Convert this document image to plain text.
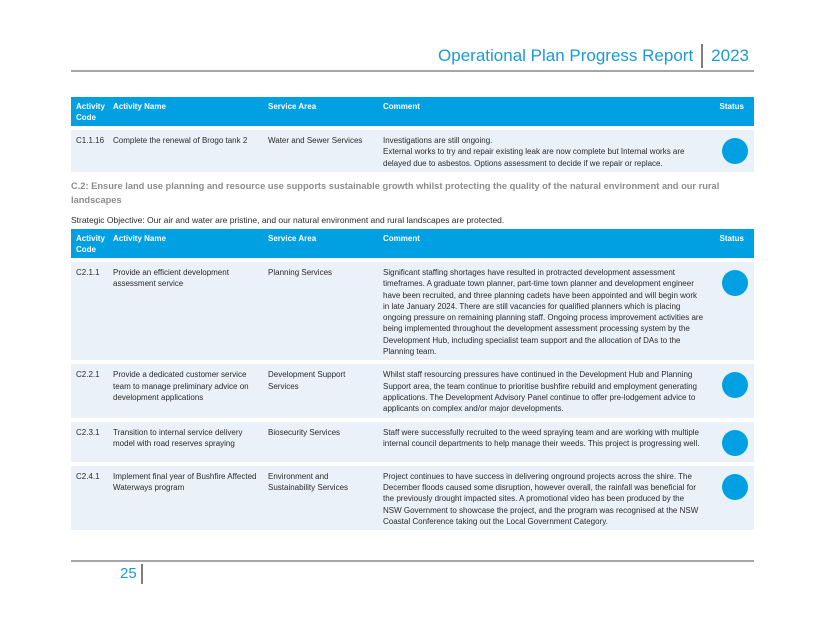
Operational Plan Progress Report	2023
Activity Code	Activity Name	Service Area	Comment	Status

C1.1.16	Complete the renewal of Brogo tank 2	Water and Sewer Services	Investigations are still ongoing.
External works to try and repair existing leak are now complete but Internal works are delayed due to asbestos. Options assessment to decide if we repair or replace.	
C.2: Ensure land use planning and resource use supports sustainable growth whilst protecting the quality of the natural environment and our rural landscapes
Strategic Objective: Our air and water are pristine, and our natural environment and rural landscapes are protected.
Activity Code	Activity Name	Service Area	Comment	Status

C2.1.1	Provide an efficient development assessment service	Planning Services	Significant staffing shortages have resulted in protracted development assessment timeframes. A graduate town planner, part-time town planner and development engineer have been recruited, and three planning cadets have been appointed and will begin work in late January 2024. There are still vacancies for qualified planners which is placing ongoing pressure on remaining planning staff. Ongoing process improvement activities are being implemented throughout the development assessment processing system by the Development Hub, including specialist team support and the allocation of DAs to the Planning team.	

C2.2.1	Provide a dedicated customer service team to manage preliminary advice on development applications	Development Support Services	Whilst staff resourcing pressures have continued in the Development Hub and Planning Support area, the team continue to prioritise bushfire rebuild and employment generating applications. The Development Advisory Panel continue to offer pre-lodgement advice to applicants on complex and/or major developments.	

C2.3.1	Transition to internal service delivery model with road reserves spraying	Biosecurity Services	Staff were successfully recruited to the weed spraying team and are working with multiple internal council departments to help manage their weeds. This project is progressing well.	

C2.4.1	Implement final year of Bushfire Affected Waterways program	Environment and Sustainability Services	Project continues to have success in delivering onground projects across the shire. The December floods caused some disruption, however overall, the rainfall was beneficial for the previously drought impacted sites. A promotional video has been produced by the NSW Government to showcase the project, and the program was recognised at the NSW Coastal Conference taking out the Local Government Category.	
25
